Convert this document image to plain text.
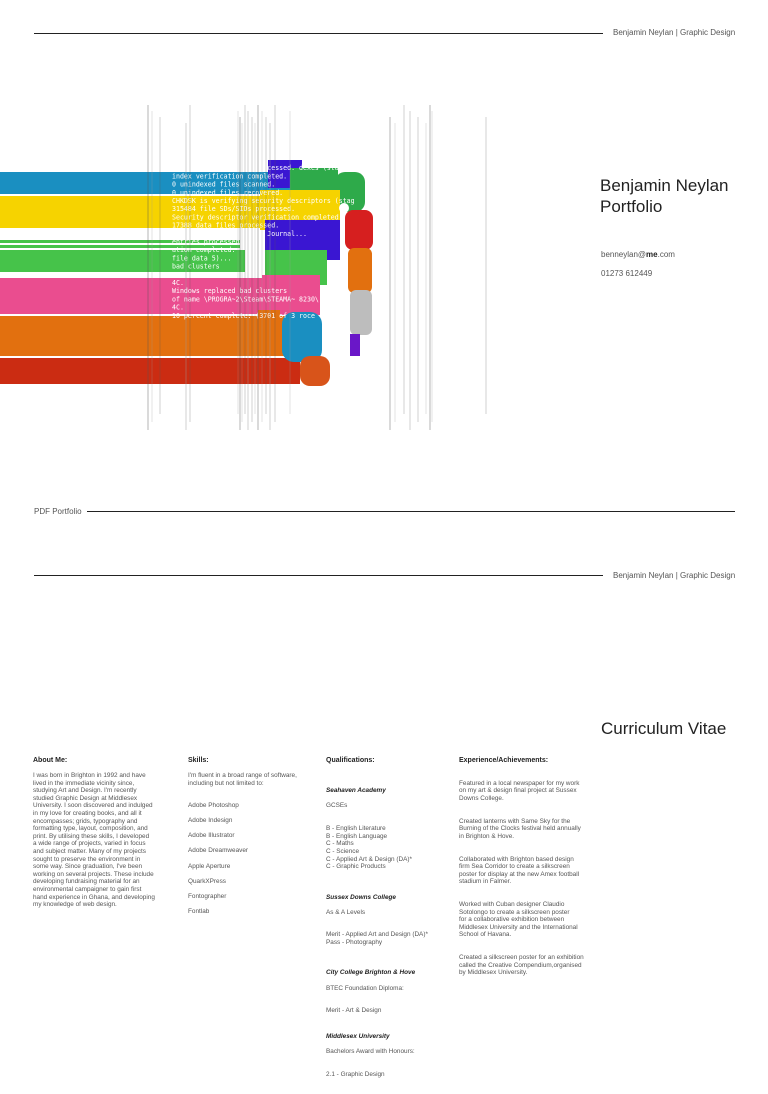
Benjamin Neylan | Graphic Design
ocessed.
290518 index entries processed. dexes (stage 2
index verification completed.
0 unindexed files scanned.
0 unindexed files recovered.
CHKDSK is verifying security descriptors (stag
315484 file SDs/SIDs processed.
Security descriptor verification completed.
17388 data files processed.
CHKDSK is verifying Usn Journal...
entries processed.
ation completed.
file data 5)...
bad clusters
team\STEAM~ 18230\
4C.
Windows replaced bad clusters
of name \PROGRA~2\Steam\STEAMA~ 8230\
4C.
10 percent complete. (3701 of 3 roce
Benjamin Neylan
Portfolio
benneylan@me.com
01273 612449
PDF Portfolio
Benjamin Neylan | Graphic Design
Curriculum Vitae
About Me:
I was born in Brighton in 1992 and have
lived in the immediate vicinity since,
studying Art and Design. I'm recently
studied Graphic Design at Middlesex
University. I soon discovered and indulged
in my love for creating books, and all it
encompasses; grids, typography and
formatting type, layout, composition, and
print. By utilising these skills, I developed
a wide range of projects, varied in focus
and subject matter. Many of my projects
sought to preserve the environment in
some way. Since graduation, I've been
working on several projects. These include
developing fundraising material for an
environmental campaigner to gain first
hand experience in Ghana, and developing
my knowledge of web design.
Skills:
I'm fluent in a broad range of software,
including but not limited to:

Adobe Photoshop

Adobe Indesign

Adobe Illustrator

Adobe Dreamweaver

Apple Aperture

QuarkXPress

Fontographer

Fontlab

Qualifications:

Seahaven Academy

GCSEs

B - English Literature
B - English Language
C - Maths
C - Science
C - Applied Art & Design (DA)*
C - Graphic Products

Sussex Downs College

As & A Levels

Merit - Applied Art and Design (DA)*
Pass - Photography

City College Brighton & Hove

BTEC Foundation Diploma:

Merit - Art & Design

Middlesex University

Bachelors Award with Honours:

2.1 - Graphic Design

Experience/Achievements:

Featured in a local newspaper for my work
on my art & design final project at Sussex
Downs College.

Created lanterns with Same Sky for the
Burning of the Clocks festival held annually
in Brighton & Hove.

Collaborated with Brighton based design
firm Sea Corridor to create a silkscreen
poster for display at the new Amex football
stadium in Falmer.

Worked with Cuban designer Claudio
Sotolongo to create a silkscreen poster
for a collaborative exhibition between
Middlesex University and the International
School of Havana.

Created a silkscreen poster for an exhibition
called the Creative Compendium,organised
by Middlesex University.
